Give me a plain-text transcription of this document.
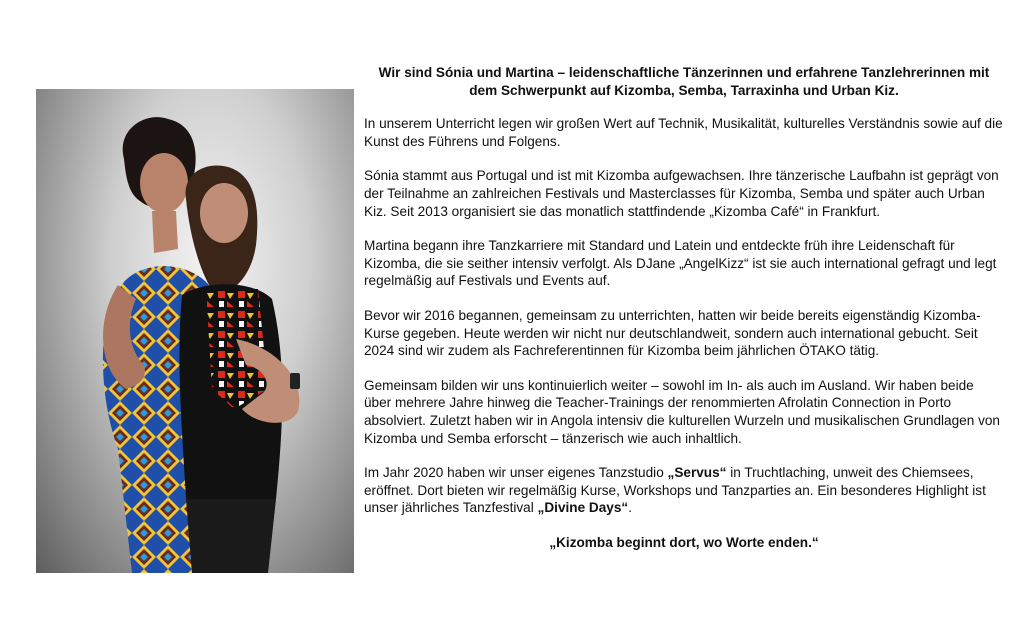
Wir sind Sónia und Martina – leidenschaftliche Tänzerinnen und erfahrene Tanzlehrerinnen mit dem Schwerpunkt auf Kizomba, Semba, Tarraxinha und Urban Kiz.

In unserem Unterricht legen wir großen Wert auf Technik, Musikalität, kulturelles Verständnis sowie auf die Kunst des Führens und Folgens.

Sónia stammt aus Portugal und ist mit Kizomba aufgewachsen. Ihre tänzerische Laufbahn ist geprägt von der Teilnahme an zahlreichen Festivals und Masterclasses für Kizomba, Semba und später auch Urban Kiz. Seit 2013 organisiert sie das monatlich stattfindende „Kizomba Café“ in Frankfurt.

Martina begann ihre Tanzkarriere mit Standard und Latein und entdeckte früh ihre Leidenschaft für Kizomba, die sie seither intensiv verfolgt. Als DJane „AngelKizz“ ist sie auch international gefragt und legt regelmäßig auf Festivals und Events auf.

Bevor wir 2016 begannen, gemeinsam zu unterrichten, hatten wir beide bereits eigenständig Kizomba-Kurse gegeben. Heute werden wir nicht nur deutschlandweit, sondern auch international gebucht. Seit 2024 sind wir zudem als Fachreferentinnen für Kizomba beim jährlichen ÖTAKO tätig.

Gemeinsam bilden wir uns kontinuierlich weiter – sowohl im In- als auch im Ausland. Wir haben beide über mehrere Jahre hinweg die Teacher-Trainings der renommierten Afrolatin Connection in Porto absolviert. Zuletzt haben wir in Angola intensiv die kulturellen Wurzeln und musikalischen Grundlagen von Kizomba und Semba erforscht – tänzerisch wie auch inhaltlich.

Im Jahr 2020 haben wir unser eigenes Tanzstudio „Servus“ in Truchtlaching, unweit des Chiemsees, eröffnet. Dort bieten wir regelmäßig Kurse, Workshops und Tanzparties an. Ein besonderes Highlight ist unser jährliches Tanzfestival „Divine Days“.

„Kizomba beginnt dort, wo Worte enden.“
